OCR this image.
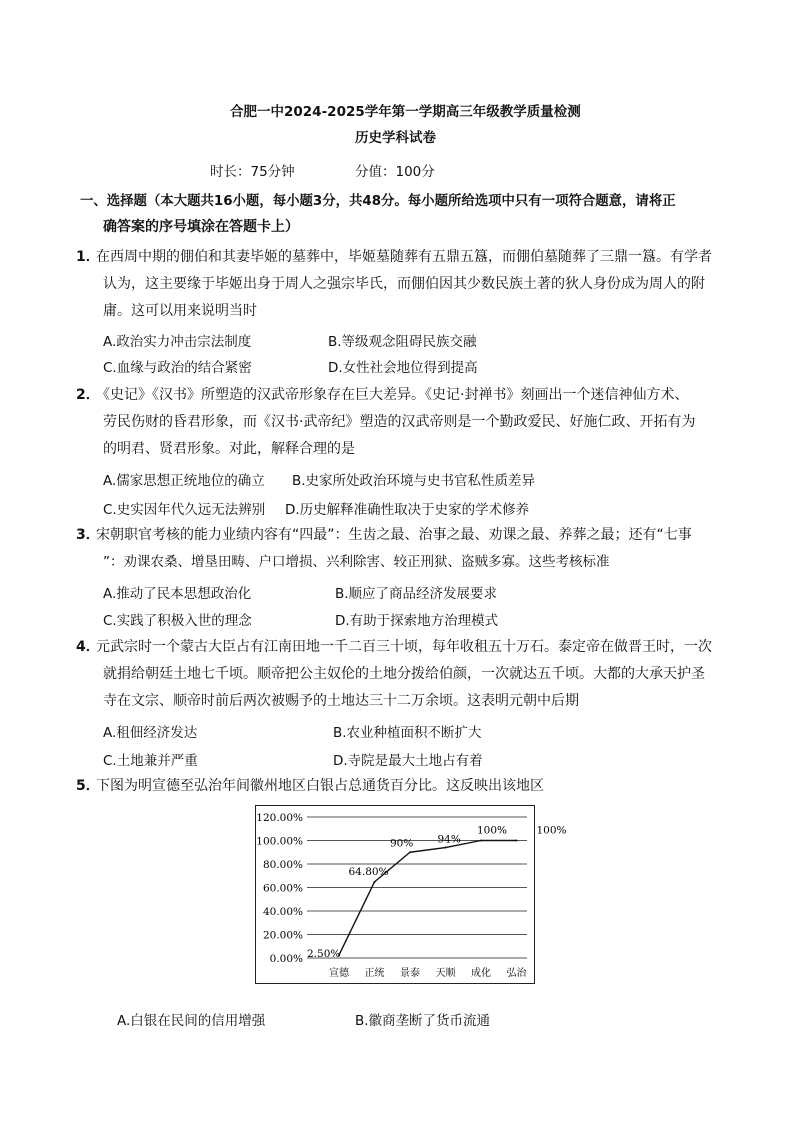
合肥一中2024-2025学年第一学期高三年级教学质量检测
历史学科试卷
时长：75分钟	分值：100分
一、选择题（本大题共16小题，每小题3分，共48分。每小题所给选项中只有一项符合题意，请将正
确答案的序号填涂在答题卡上）
1．
在西周中期的倗伯和其妻毕姬的墓葬中，毕姬墓随葬有五鼎五簋，而倗伯墓随葬了三鼎一簋。有学者
认为，这主要缘于毕姬出身于周人之强宗毕氏，而倗伯因其少数民族土著的狄人身份成为周人的附
庸。这可以用来说明当时
A.政治实力冲击宗法制度	B.等级观念阻碍民族交融
C.血缘与政治的结合紧密	D.女性社会地位得到提高
2．
《史记》《汉书》所塑造的汉武帝形象存在巨大差异。《史记·封禅书》刻画出一个迷信神仙方术、
劳民伤财的昏君形象，而《汉书·武帝纪》塑造的汉武帝则是一个勤政爱民、好施仁政、开拓有为
的明君、贤君形象。对此，解释合理的是
A.儒家思想正统地位的确立 B.史家所处政治环境与史书官私性质差异
C.史实因年代久远无法辨别 D.历史解释准确性取决于史家的学术修养
3．
宋朝职官考核的能力业绩内容有“四最”：生齿之最、治事之最、劝课之最、养葬之最；还有“七事
”：劝课农桑、增垦田畴、户口增损、兴利除害、较正刑狱、盗贼多寡。这些考核标准
A.推动了民本思想政治化	B.顺应了商品经济发展要求
C.实践了积极入世的理念	D.有助于探索地方治理模式
4．
元武宗时一个蒙古大臣占有江南田地一千二百三十顷，每年收租五十万石。泰定帝在做晋王时，一次
就捐给朝廷土地七千顷。顺帝把公主奴伦的土地分拨给伯颜，一次就达五千顷。大都的大承天护圣
寺在文宗、顺帝时前后两次被赐予的土地达三十二万余顷。这表明元朝中后期
A.租佃经济发达	B.农业种植面积不断扩大
C.土地兼并严重	D.寺院是最大土地占有着
5．
下图为明宣德至弘治年间徽州地区白银占总通货百分比。这反映出该地区
0.00%
20.00%
40.00%
60.00%
80.00%
100.00%
120.00%
宣德 正统 景泰 天顺 成化 弘治
2.50%
64.80%
90% 94%
100%	100%
A.白银在民间的信用增强	B.徽商垄断了货币流通
